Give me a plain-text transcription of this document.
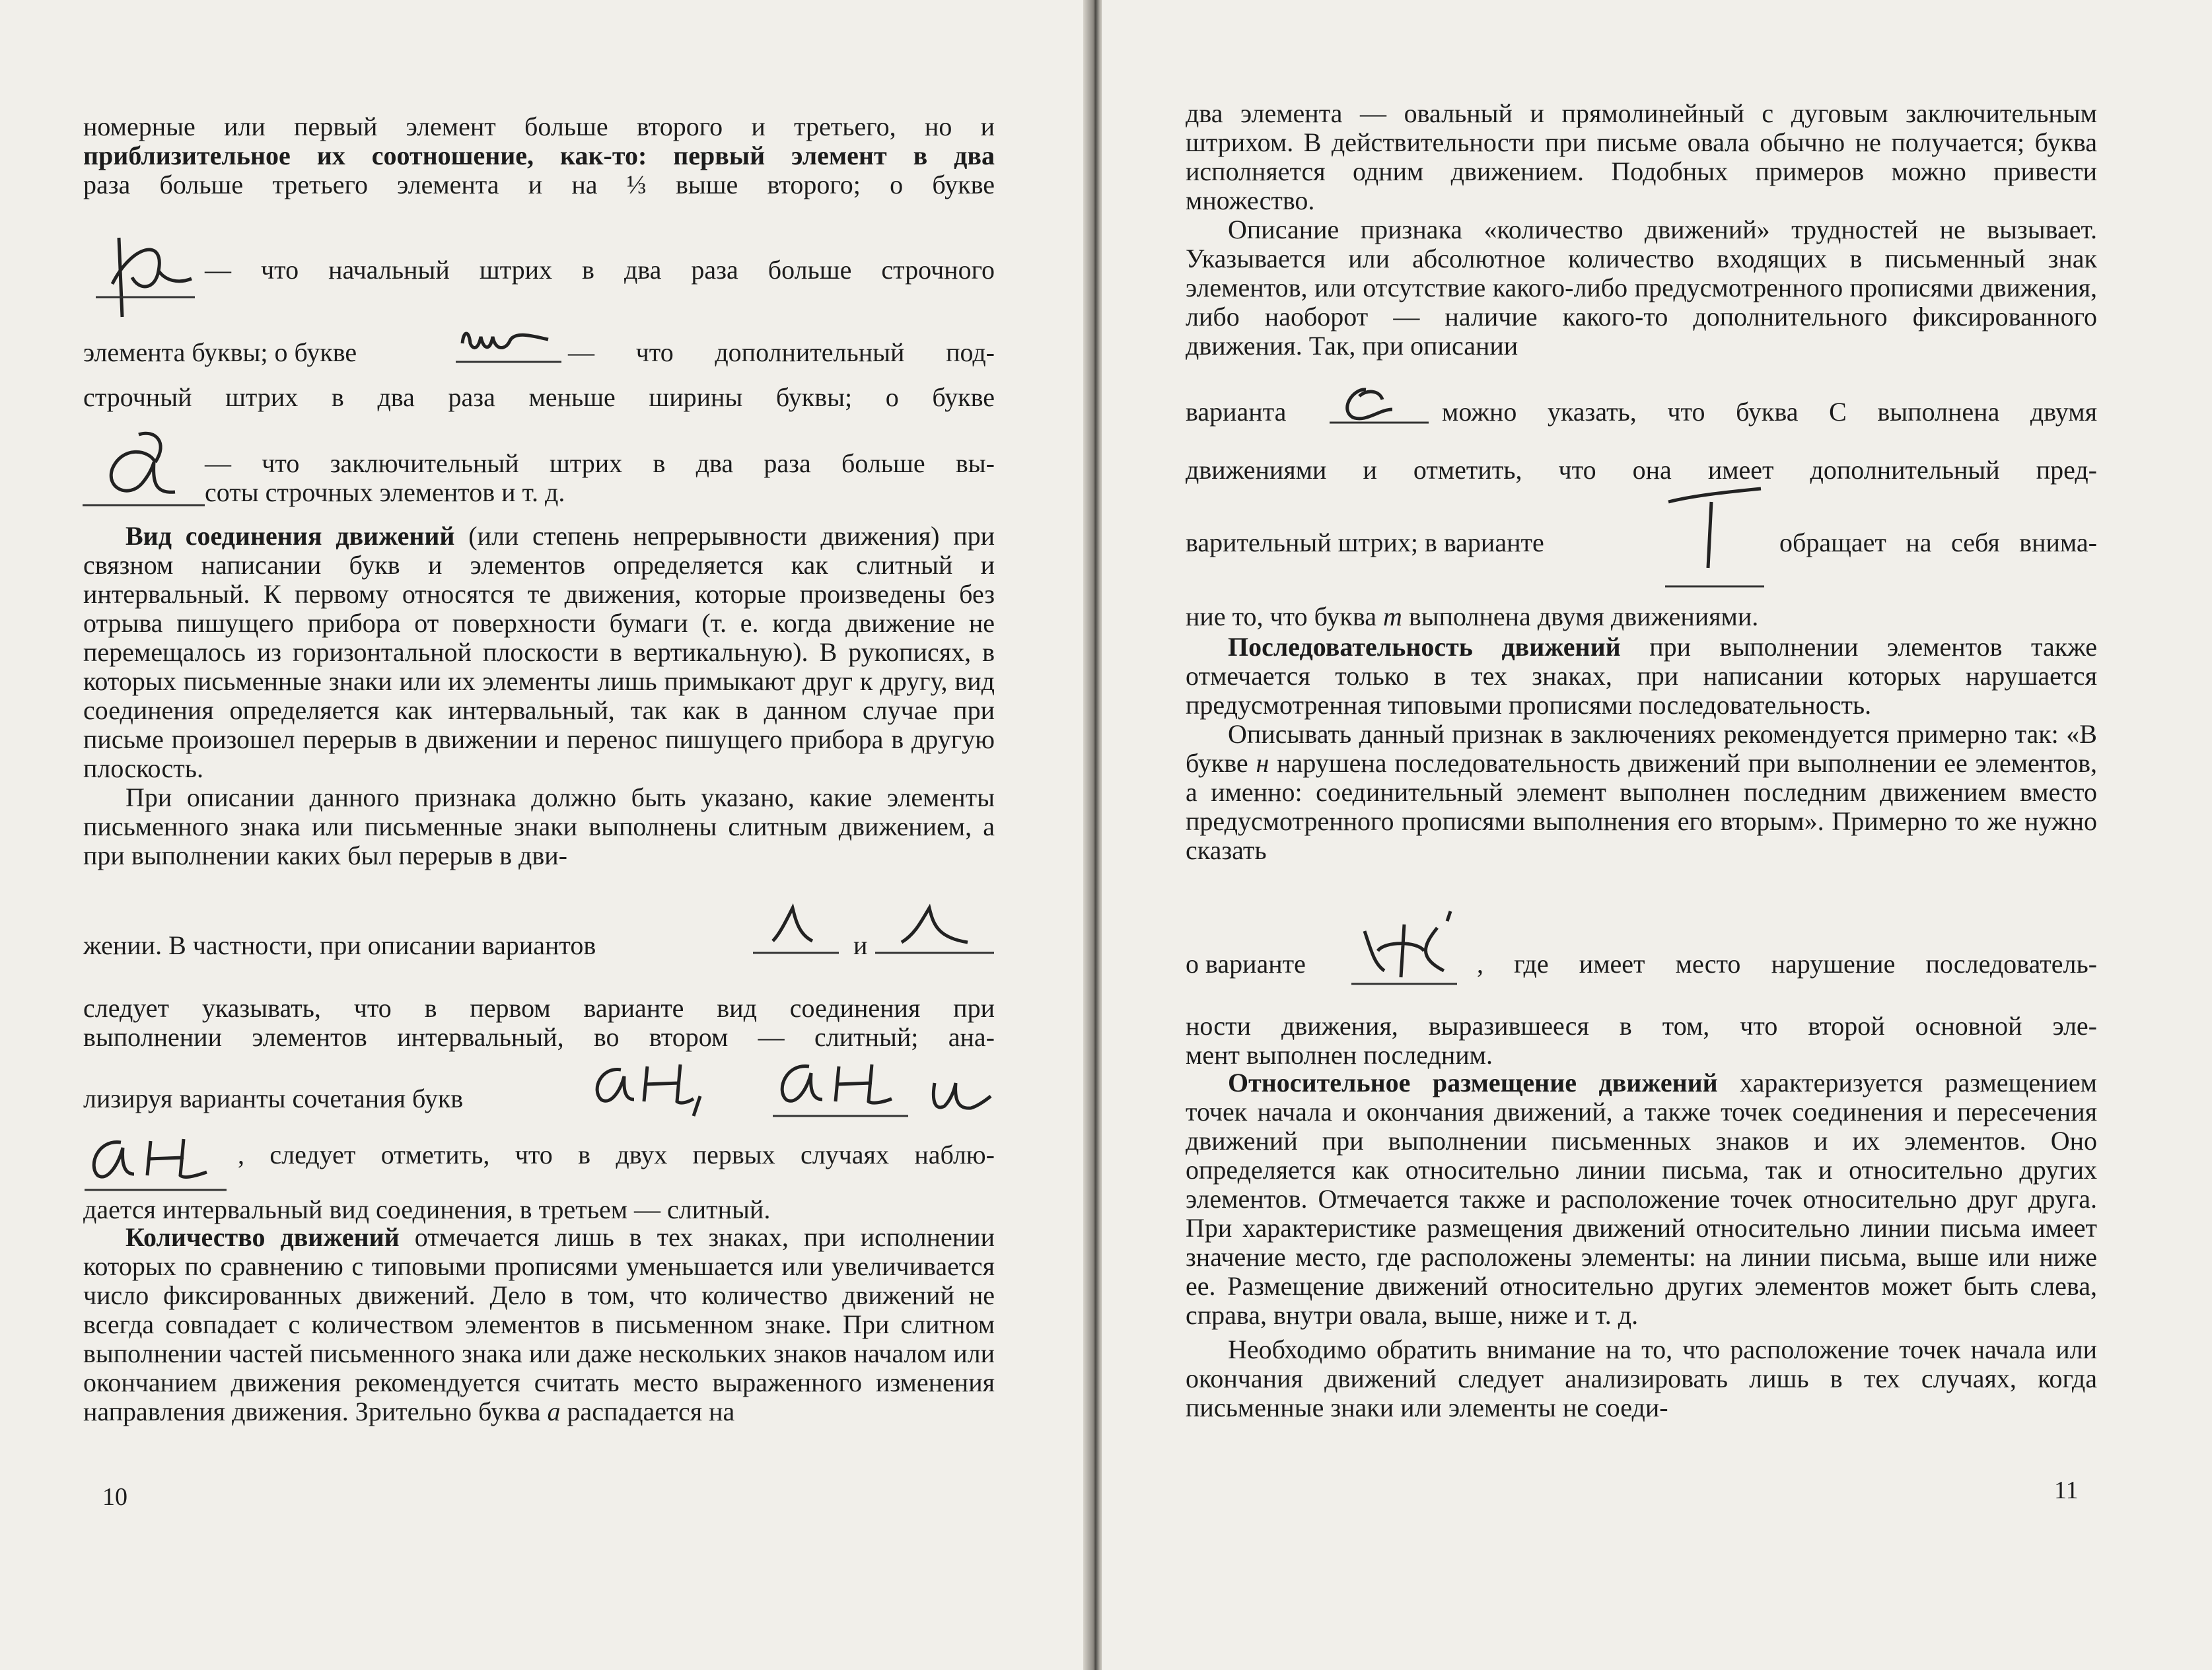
номерные или первый элемент больше второго и третьего, но и
приблизительное их соотношение, как-то: первый элемент в два
раза больше третьего элемента и на ⅓ выше второго; о букве
— что начальный штрих в два раза больше строчного
элемента буквы; о букве	— что дополнительный под-
строчный штрих в два раза меньше ширины буквы; о букве
— что заключительный штрих в два раза больше вы-
соты строчных элементов и т. д.

Вид соединения движений (или степень непрерывности движения) при связном написании букв и элементов определяется как слитный и интервальный. К первому относятся те движения, которые произведены без отрыва пишущего прибора от поверхности бумаги (т. е. когда движение не перемещалось из горизонтальной плоскости в вертикальную). В рукописях, в которых письменные знаки или их элементы лишь примыкают друг к другу, вид соединения определяется как интервальный, так как в данном случае при письме произошел перерыв в движении и перенос пишущего прибора в другую плоскость.

При описании данного признака должно быть указано, какие элементы письменного знака или письменные знаки выполнены слитным движением, а при выполнении каких был перерыв в дви-

жении. В частности, при описании вариантов	и
следует указывать, что в первом варианте вид соединения при
выполнении элементов интервальный, во втором — слитный; ана-
лизируя варианты сочетания букв
, следует отметить, что в двух первых случаях наблю-
дается интервальный вид соединения, в третьем — слитный.

Количество движений отмечается лишь в тех знаках, при исполнении которых по сравнению с типовыми прописями уменьшается или увеличивается число фиксированных движений. Дело в том, что количество движений не всегда совпадает с количеством элементов в письменном знаке. При слитном выполнении частей письменного знака или даже нескольких знаков началом или окончанием движения рекомендуется считать место выраженного изменения направления движения. Зрительно буква а распадается на

10

два элемента — овальный и прямолинейный с дуговым заключительным штрихом. В действительности при письме овала обычно не получается; буква исполняется одним движением. Подобных примеров можно привести множество.

Описание признака «количество движений» трудностей не вызывает. Указывается или абсолютное количество входящих в письменный знак элементов, или отсутствие какого-либо предусмотренного прописями движения, либо наоборот — наличие какого-то дополнительного фиксированного движения. Так, при описании

варианта	можно указать, что буква С выполнена двумя
движениями и отметить, что она имеет дополнительный пред-
варительный штрих; в варианте	обращает на себя внима-
ние то, что буква т выполнена двумя движениями.

Последовательность движений при выполнении элементов также отмечается только в тех знаках, при написании которых нарушается предусмотренная типовыми прописями последовательность.

Описывать данный признак в заключениях рекомендуется примерно так: «В букве н нарушена последовательность движений при выполнении ее элементов, а именно: соединительный элемент выполнен последним движением вместо предусмотренного прописями выполнения его вторым». Примерно то же нужно сказать

о варианте	, где имеет место нарушение последователь-
ности движения, выразившееся в том, что второй основной эле-
мент выполнен последним.

Относительное размещение движений характеризуется размещением точек начала и окончания движений, а также точек соединения и пересечения движений при выполнении письменных знаков и их элементов. Оно определяется как относительно линии письма, так и относительно других элементов. Отмечается также и расположение точек относительно друг друга. При характеристике размещения движений относительно линии письма имеет значение место, где расположены элементы: на линии письма, выше или ниже ее. Размещение движений относительно других элементов может быть слева, справа, внутри овала, выше, ниже и т. д.

Необходимо обратить внимание на то, что расположение точек начала или окончания движений следует анализировать лишь в тех случаях, когда письменные знаки или элементы не соеди-

11
